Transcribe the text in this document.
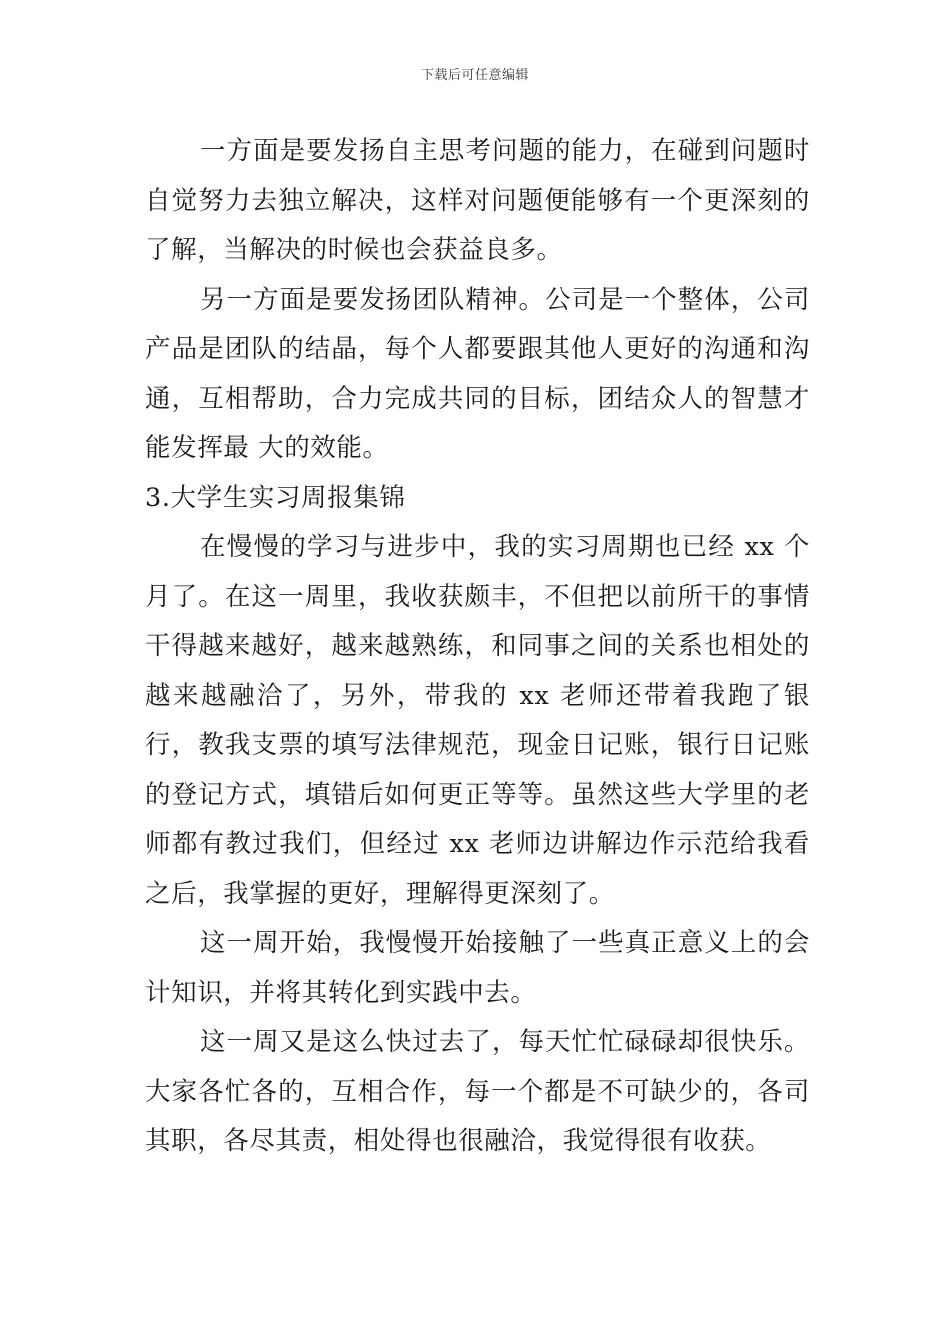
下载后可任意编辑

一方面是要发扬自主思考问题的能力，在碰到问题时自觉努力去独立解决，这样对问题便能够有一个更深刻的了解，当解决的时候也会获益良多。

另一方面是要发扬团队精神。公司是一个整体，公司产品是团队的结晶，每个人都要跟其他人更好的沟通和沟通，互相帮助，合力完成共同的目标，团结众人的智慧才能发挥最 大的效能。

3.大学生实习周报集锦

在慢慢的学习与进步中，我的实习周期也已经 xx 个月了。在这一周里，我收获颇丰，不但把以前所干的事情干得越来越好，越来越熟练，和同事之间的关系也相处的越来越融洽了，另外，带我的 xx 老师还带着我跑了银行，教我支票的填写法律规范，现金日记账，银行日记账的登记方式，填错后如何更正等等。虽然这些大学里的老师都有教过我们，但经过 xx 老师边讲解边作示范给我看之后，我掌握的更好，理解得更深刻了。

这一周开始，我慢慢开始接触了一些真正意义上的会计知识，并将其转化到实践中去。

这一周又是这么快过去了，每天忙忙碌碌却很快乐。大家各忙各的，互相合作，每一个都是不可缺少的，各司其职，各尽其责，相处得也很融洽，我觉得很有收获。
